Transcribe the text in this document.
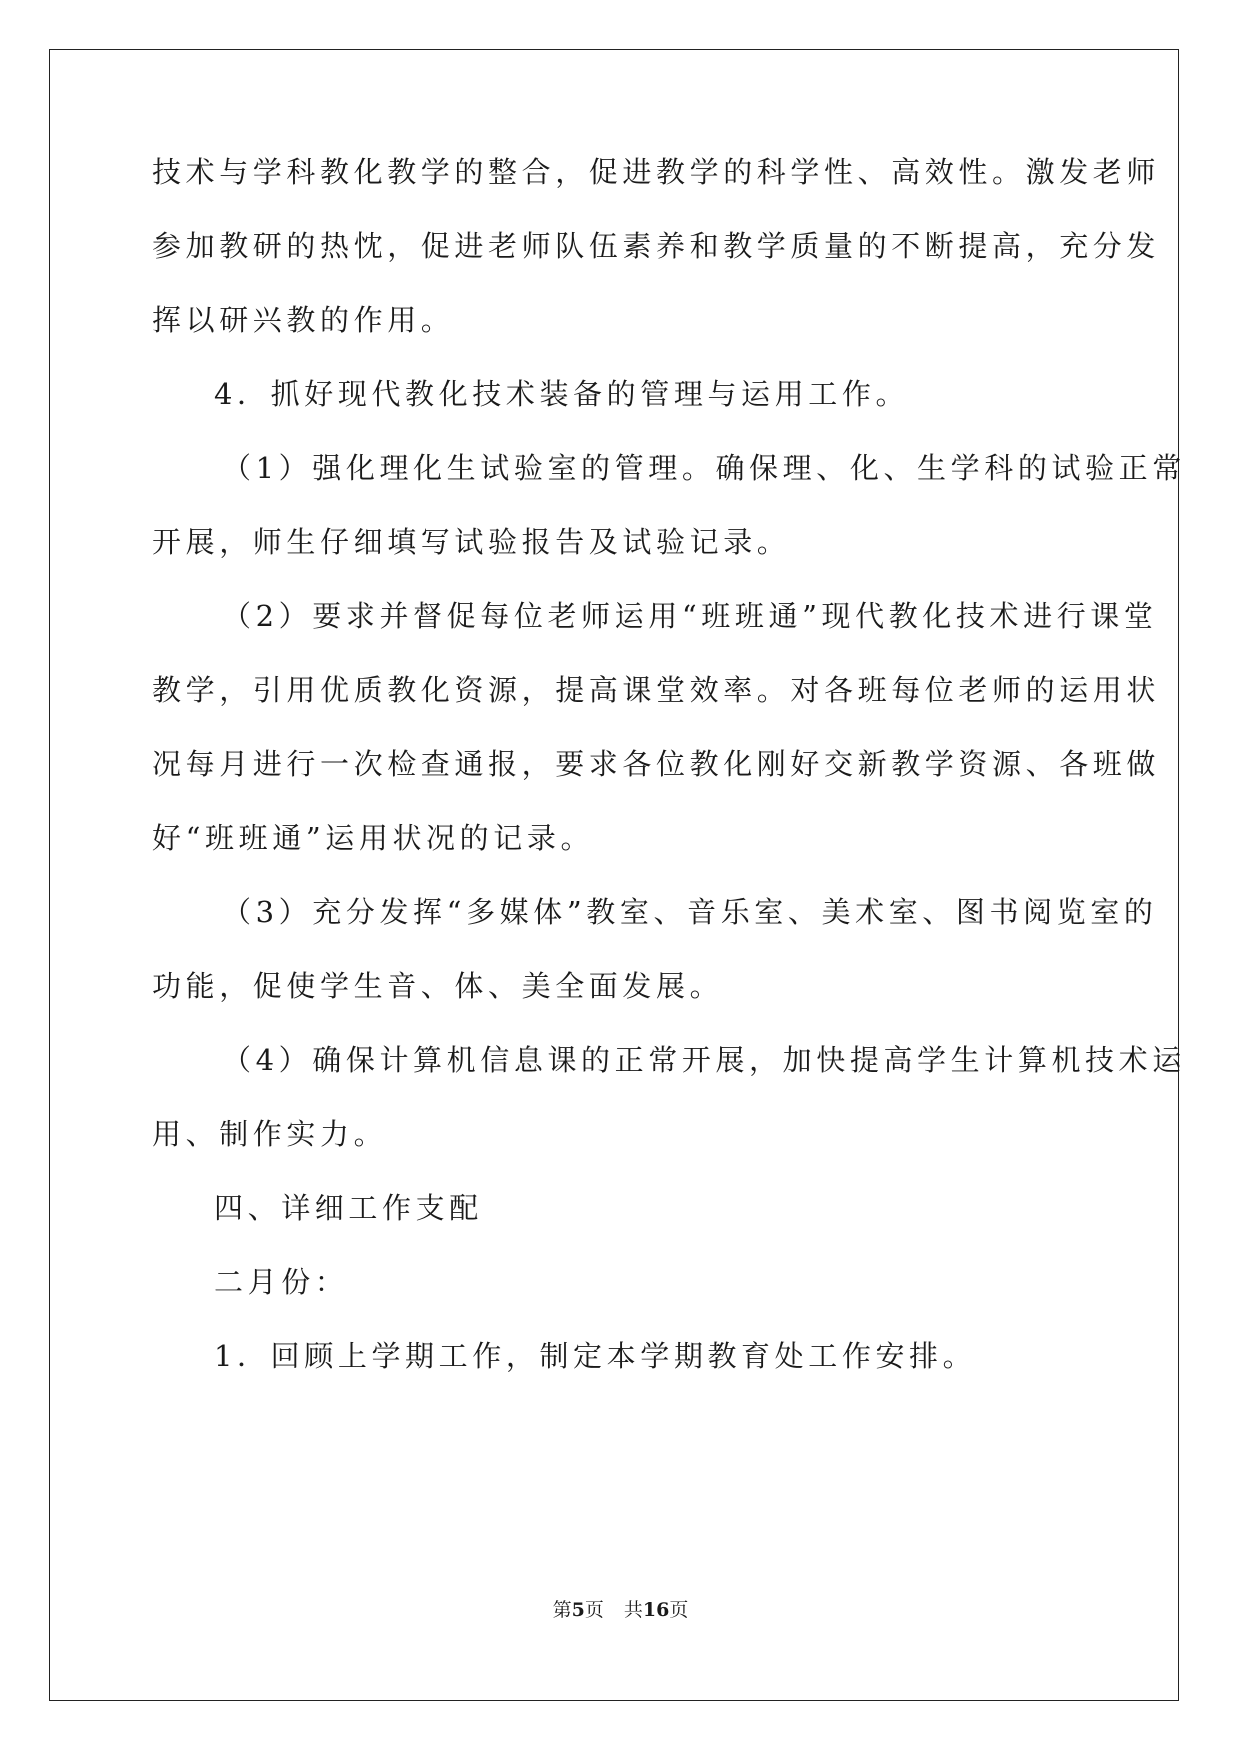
技术与学科教化教学的整合，促进教学的科学性、高效性。激发老师
参加教研的热忱，促进老师队伍素养和教学质量的不断提高，充分发
挥以研兴教的作用。
4．抓好现代教化技术装备的管理与运用工作。
（1）强化理化生试验室的管理。确保理、化、生学科的试验正常
开展，师生仔细填写试验报告及试验记录。
（2）要求并督促每位老师运用“班班通”现代教化技术进行课堂
教学，引用优质教化资源，提高课堂效率。对各班每位老师的运用状
况每月进行一次检查通报，要求各位教化刚好交新教学资源、各班做
好“班班通”运用状况的记录。
（3）充分发挥“多媒体”教室、音乐室、美术室、图书阅览室的
功能，促使学生音、体、美全面发展。
（4）确保计算机信息课的正常开展，加快提高学生计算机技术运
用、制作实力。
四、详细工作支配
二月份：
1．回顾上学期工作，制定本学期教育处工作安排。
第5页 共16页
